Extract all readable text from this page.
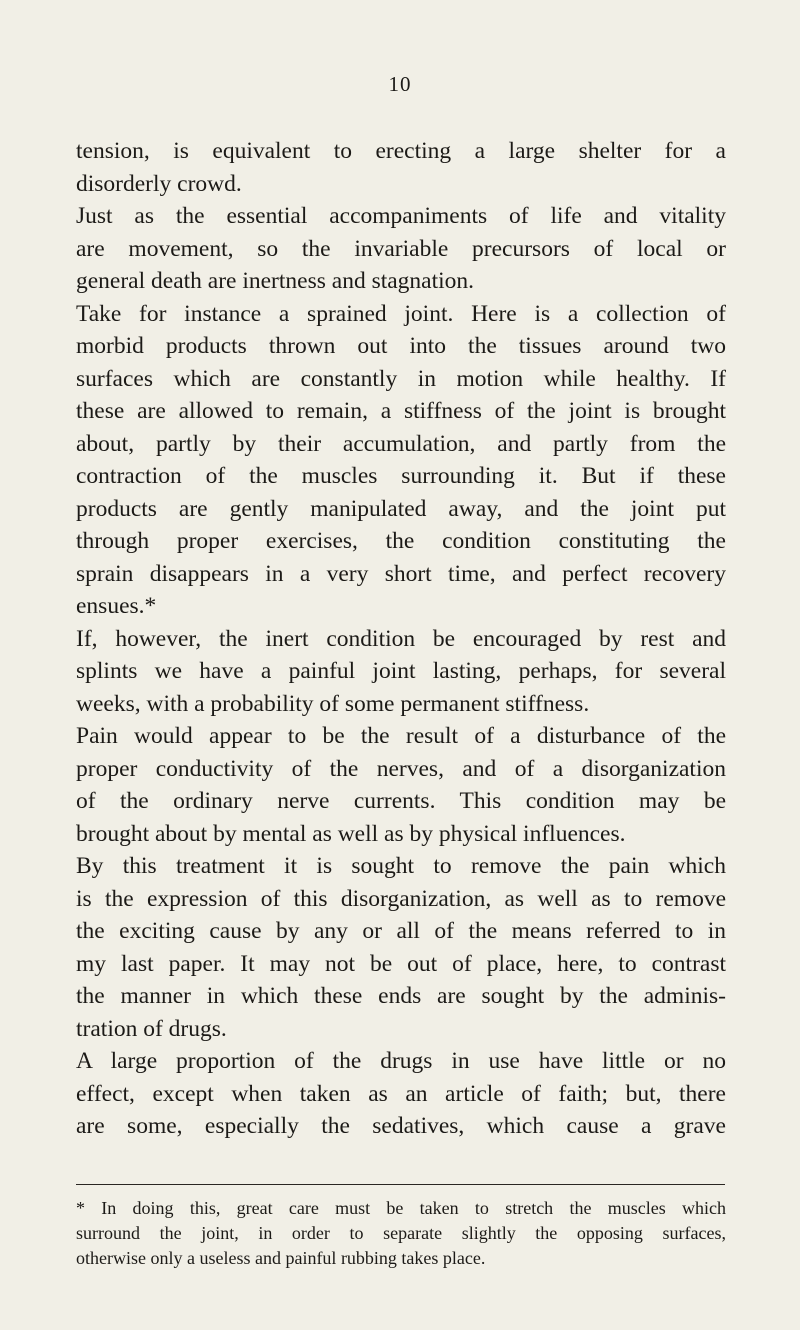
10
tension, is equivalent to erecting a large shelter for a
disorderly crowd.
Just as the essential accompaniments of life and vitality
are movement, so the invariable precursors of local or
general death are inertness and stagnation.
Take for instance a sprained joint. Here is a collection of
morbid products thrown out into the tissues around two
surfaces which are constantly in motion while healthy. If
these are allowed to remain, a stiffness of the joint is brought
about, partly by their accumulation, and partly from the
contraction of the muscles surrounding it. But if these
products are gently manipulated away, and the joint put
through proper exercises, the condition constituting the
sprain disappears in a very short time, and perfect recovery
ensues.*
If, however, the inert condition be encouraged by rest and
splints we have a painful joint lasting, perhaps, for several
weeks, with a probability of some permanent stiffness.
Pain would appear to be the result of a disturbance of the
proper conductivity of the nerves, and of a disorganization
of the ordinary nerve currents. This condition may be
brought about by mental as well as by physical influences.
By this treatment it is sought to remove the pain which
is the expression of this disorganization, as well as to remove
the exciting cause by any or all of the means referred to in
my last paper. It may not be out of place, here, to contrast
the manner in which these ends are sought by the adminis-
tration of drugs.
A large proportion of the drugs in use have little or no
effect, except when taken as an article of faith; but, there
are some, especially the sedatives, which cause a grave
* In doing this, great care must be taken to stretch the muscles which
surround the joint, in order to separate slightly the opposing surfaces,
otherwise only a useless and painful rubbing takes place.
